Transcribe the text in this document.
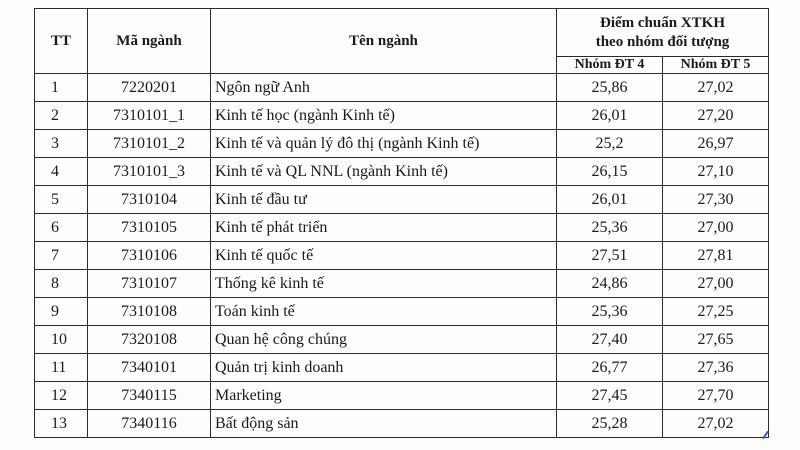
TT	Mã ngành	Tên ngành	Điểm chuẩn XTKH
theo nhóm đối tượng	

			Nhóm ĐT 4	Nhóm ĐT 5
1	7220201	Ngôn ngữ Anh	25,86	27,02
2	7310101_1	Kinh tế học (ngành Kinh tế)	26,01	27,20
3	7310101_2	Kinh tế và quản lý đô thị (ngành Kinh tế)	25,2	26,97
4	7310101_3	Kinh tế và QL NNL (ngành Kinh tế)	26,15	27,10
5	7310104	Kinh tế đầu tư	26,01	27,30
6	7310105	Kinh tế phát triển	25,36	27,00
7	7310106	Kinh tế quốc tế	27,51	27,81
8	7310107	Thống kê kinh tế	24,86	27,00
9	7310108	Toán kinh tế	25,36	27,25
10	7320108	Quan hệ công chúng	27,40	27,65
11	7340101	Quản trị kinh doanh	26,77	27,36
12	7340115	Marketing	27,45	27,70
13	7340116	Bất động sản	25,28	27,02
